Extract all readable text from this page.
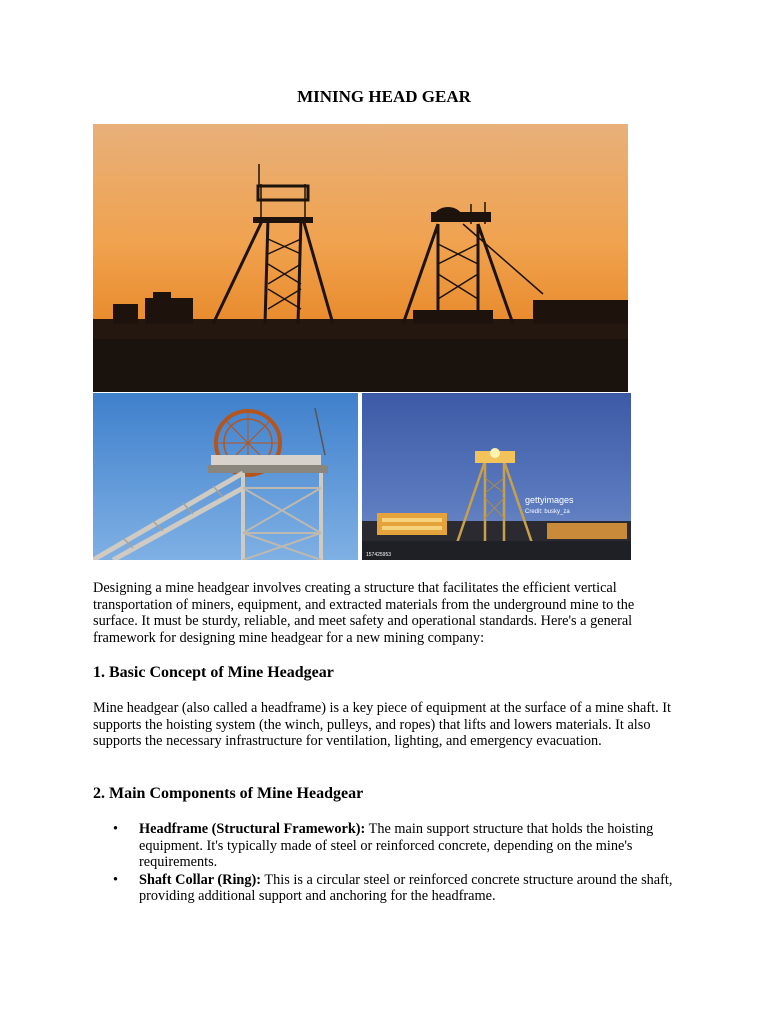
MINING HEAD GEAR
gettyimages
Credit: busky_za
157425953

Designing a mine headgear involves creating a structure that facilitates the efficient vertical transportation of miners, equipment, and extracted materials from the underground mine to the surface. It must be sturdy, reliable, and meet safety and operational standards. Here's a general framework for designing mine headgear for a new mining company:

1. Basic Concept of Mine Headgear

Mine headgear (also called a headframe) is a key piece of equipment at the surface of a mine shaft. It supports the hoisting system (the winch, pulleys, and ropes) that lifts and lowers materials. It also supports the necessary infrastructure for ventilation, lighting, and emergency evacuation.

2. Main Components of Mine Headgear
• Headframe (Structural Framework): The main support structure that holds the hoisting equipment. It's typically made of steel or reinforced concrete, depending on the mine's requirements.
• Shaft Collar (Ring): This is a circular steel or reinforced concrete structure around the shaft, providing additional support and anchoring for the headframe.
